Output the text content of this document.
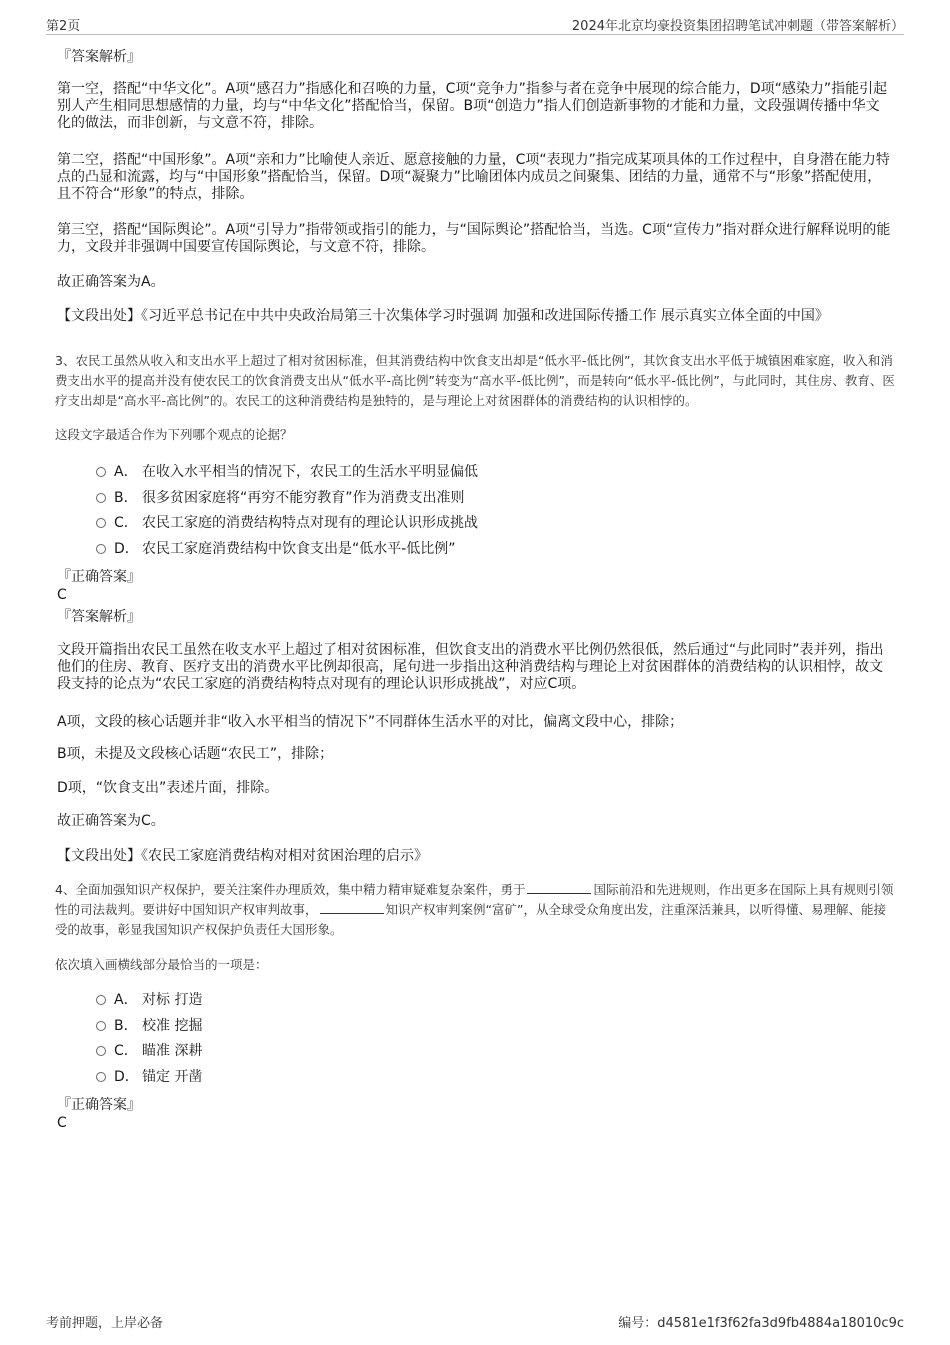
第2页	2024年北京均豪投资集团招聘笔试冲刺题（带答案解析）
『答案解析』
第一空，搭配“中华文化”。A项“感召力”指感化和召唤的力量，C项“竞争力”指参与者在竞争中展现的综合能力，D项“感染力”指能引起别人产生相同思想感情的力量，均与“中华文化”搭配恰当，保留。B项“创造力”指人们创造新事物的才能和力量，文段强调传播中华文化的做法，而非创新，与文意不符，排除。
第二空，搭配“中国形象”。A项“亲和力”比喻使人亲近、愿意接触的力量，C项“表现力”指完成某项具体的工作过程中，自身潜在能力特点的凸显和流露，均与“中国形象”搭配恰当，保留。D项“凝聚力”比喻团体内成员之间聚集、团结的力量，通常不与“形象”搭配使用，且不符合“形象”的特点，排除。
第三空，搭配“国际舆论”。A项“引导力”指带领或指引的能力，与“国际舆论”搭配恰当，当选。C项“宣传力”指对群众进行解释说明的能力，文段并非强调中国要宣传国际舆论，与文意不符，排除。
故正确答案为A。
【文段出处】《习近平总书记在中共中央政治局第三十次集体学习时强调 加强和改进国际传播工作 展示真实立体全面的中国》
3、农民工虽然从收入和支出水平上超过了相对贫困标准，但其消费结构中饮食支出却是“低水平-低比例”，其饮食支出水平低于城镇困难家庭，收入和消费支出水平的提高并没有使农民工的饮食消费支出从“低水平-高比例”转变为“高水平-低比例”，而是转向“低水平-低比例”，与此同时，其住房、教育、医疗支出却是“高水平-高比例”的。农民工的这种消费结构是独特的，是与理论上对贫困群体的消费结构的认识相悖的。
这段文字最适合作为下列哪个观点的论据？
A． 在收入水平相当的情况下，农民工的生活水平明显偏低
B． 很多贫困家庭将“再穷不能穷教育”作为消费支出准则
C． 农民工家庭的消费结构特点对现有的理论认识形成挑战
D． 农民工家庭消费结构中饮食支出是“低水平-低比例”
『正确答案』
C
『答案解析』
文段开篇指出农民工虽然在收支水平上超过了相对贫困标准，但饮食支出的消费水平比例仍然很低，然后通过“与此同时”表并列，指出他们的住房、教育、医疗支出的消费水平比例却很高，尾句进一步指出这种消费结构与理论上对贫困群体的消费结构的认识相悖，故文段支持的论点为“农民工家庭的消费结构特点对现有的理论认识形成挑战”，对应C项。
A项，文段的核心话题并非“收入水平相当的情况下”不同群体生活水平的对比，偏离文段中心，排除；
B项，未提及文段核心话题“农民工”，排除；
D项，“饮食支出”表述片面，排除。
故正确答案为C。
【文段出处】《农民工家庭消费结构对相对贫困治理的启示》
4、全面加强知识产权保护，要关注案件办理质效，集中精力精审疑难复杂案件，勇于	国际前沿和先进规则，作出更多在国际上具有规则引领性的司法裁判。要讲好中国知识产权审判故事，	知识产权审判案例“富矿”，从全球受众角度出发，注重深活兼具，以听得懂、易理解、能接受的故事，彰显我国知识产权保护负责任大国形象。
依次填入画横线部分最恰当的一项是：
A． 对标 打造
B． 校准 挖掘
C． 瞄准 深耕
D． 锚定 开凿
『正确答案』
C
考前押题，上岸必备	编号：d4581e1f3f62fa3d9fb4884a18010c9c
